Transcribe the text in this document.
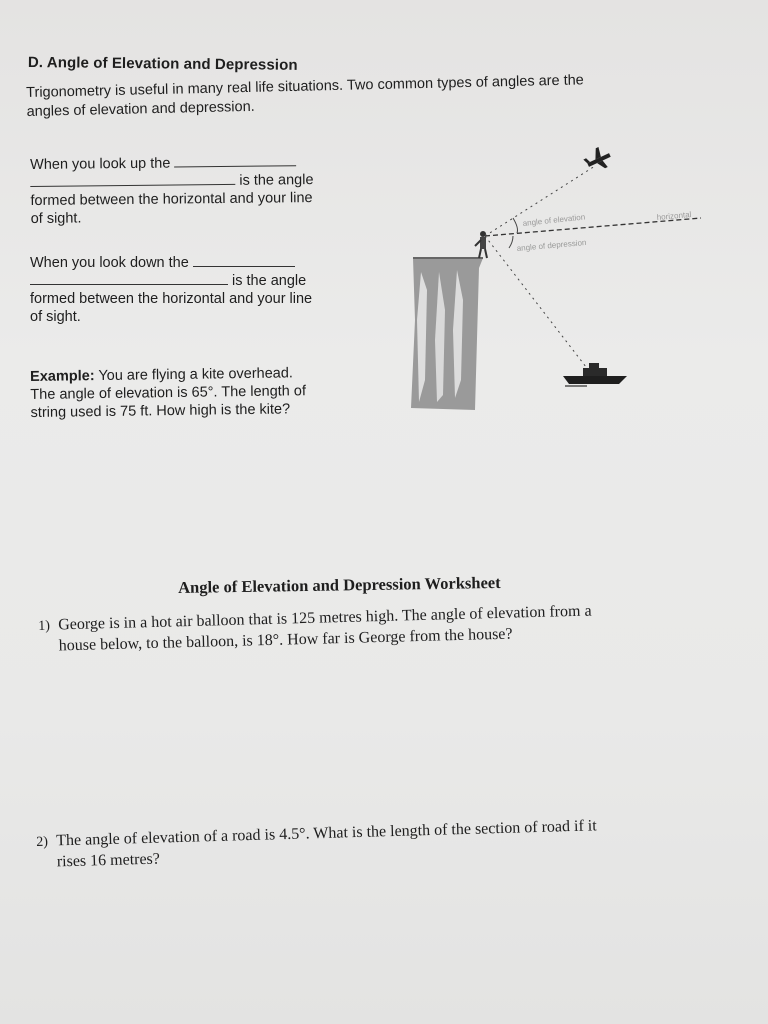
D. Angle of Elevation and Depression
Trigonometry is useful in many real life situations. Two common types of angles are the
angles of elevation and depression.
When you look up the
is the angle
formed between the horizontal and your line
of sight.
When you look down the
is the angle
formed between the horizontal and your line
of sight.
Example: You are flying a kite overhead.
The angle of elevation is 65°. The length of
string used is 75 ft. How high is the kite?
angle of elevation
angle of depression
horizontal
Angle of Elevation and Depression Worksheet
1) George is in a hot air balloon that is 125 metres high. The angle of elevation from a
house below, to the balloon, is 18°. How far is George from the house?
2) The angle of elevation of a road is 4.5°. What is the length of the section of road if it
rises 16 metres?
